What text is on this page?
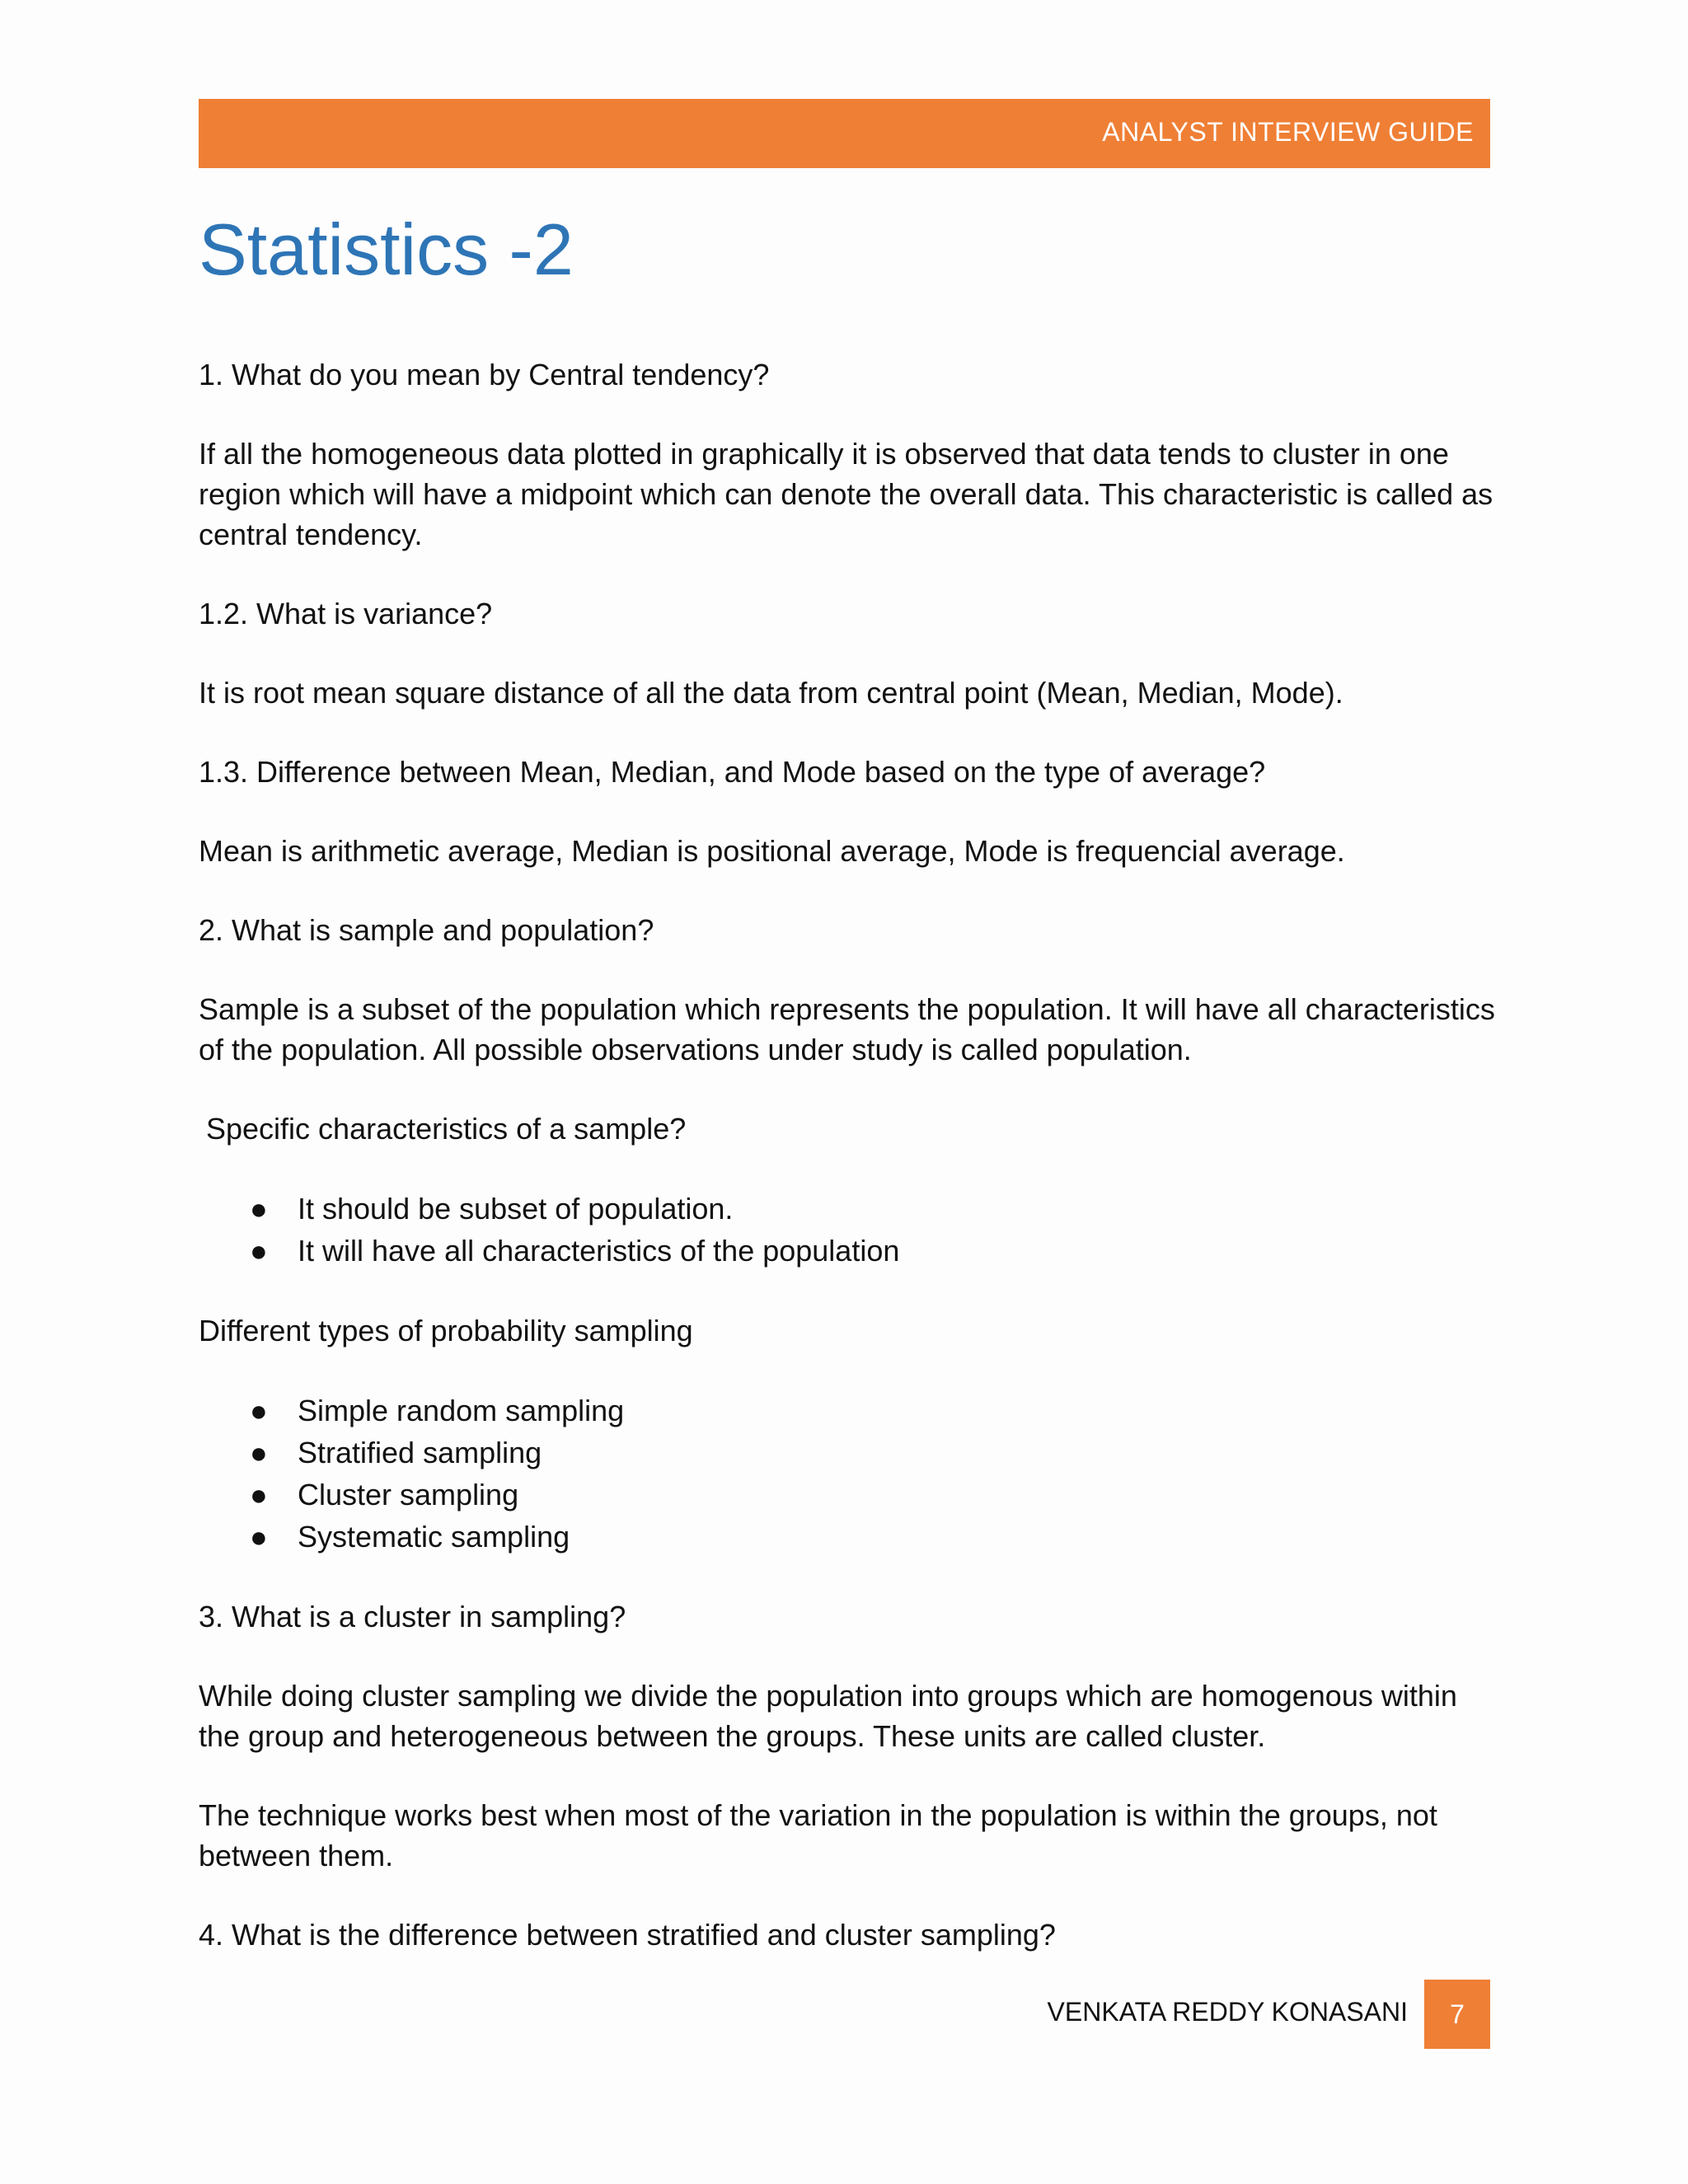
ANALYST INTERVIEW GUIDE
Statistics -2

1. What do you mean by Central tendency?

If all the homogeneous data plotted in graphically it is observed that data tends to cluster in one region which will have a midpoint which can denote the overall data. This characteristic is called as central tendency.

1.2. What is variance?

It is root mean square distance of all the data from central point (Mean, Median, Mode).

1.3. Difference between Mean, Median, and Mode based on the type of average?

Mean is arithmetic average, Median is positional average, Mode is frequencial average.

2. What is sample and population?

Sample is a subset of the population which represents the population. It will have all characteristics of the population. All possible observations under study is called population.

Specific characteristics of a sample?

● It should be subset of population.
● It will have all characteristics of the population

Different types of probability sampling

● Simple random sampling
● Stratified sampling
● Cluster sampling
● Systematic sampling

3. What is a cluster in sampling?

While doing cluster sampling we divide the population into groups which are homogenous within the group and heterogeneous between the groups. These units are called cluster.

The technique works best when most of the variation in the population is within the groups, not between them.

4. What is the difference between stratified and cluster sampling?

VENKATA REDDY KONASANI 7
